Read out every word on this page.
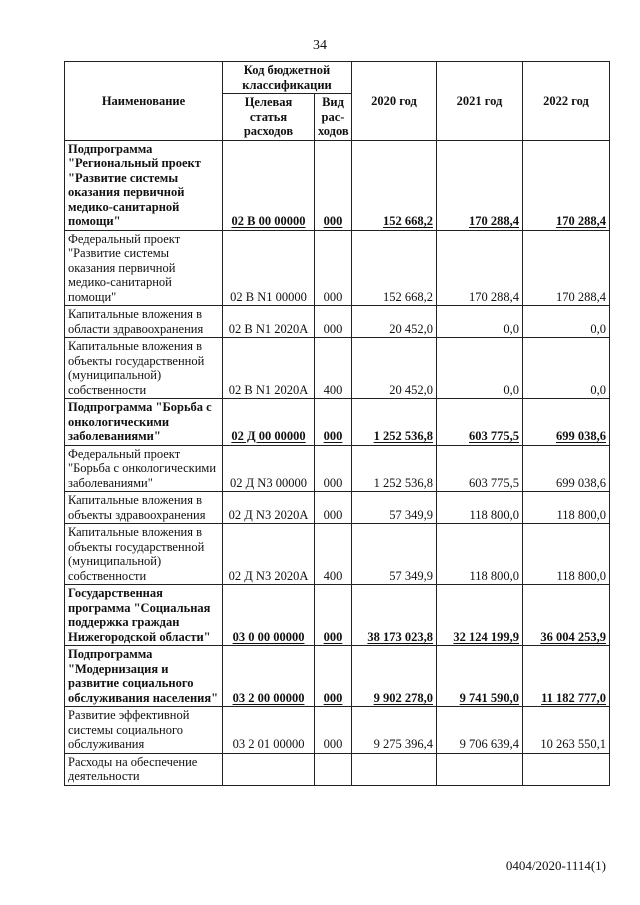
34
Наименование	Код бюджетной классификации		2020 год	2021 год	2022 год
	Целевая статья расходов	Вид рас- ходов			
Подпрограмма "Региональный проект "Развитие системы оказания первичной медико-санитарной помощи"	02 В 00 00000	000	152 668,2	170 288,4	170 288,4
Федеральный проект "Развитие системы оказания первичной медико-санитарной помощи"	02 В N1 00000	000	152 668,2	170 288,4	170 288,4
Капитальные вложения в области здравоохранения	02 В N1 2020А	000	20 452,0	0,0	0,0
Капитальные вложения в объекты государственной (муниципальной) собственности	02 В N1 2020А	400	20 452,0	0,0	0,0
Подпрограмма "Борьба с онкологическими заболеваниями"	02 Д 00 00000	000	1 252 536,8	603 775,5	699 038,6
Федеральный проект "Борьба с онкологическими заболеваниями"	02 Д N3 00000	000	1 252 536,8	603 775,5	699 038,6
Капитальные вложения в объекты здравоохранения	02 Д N3 2020А	000	57 349,9	118 800,0	118 800,0
Капитальные вложения в объекты государственной (муниципальной) собственности	02 Д N3 2020А	400	57 349,9	118 800,0	118 800,0
Государственная программа "Социальная поддержка граждан Нижегородской области"	03 0 00 00000	000	38 173 023,8	32 124 199,9	36 004 253,9
Подпрограмма "Модернизация и развитие социального обслуживания населения"	03 2 00 00000	000	9 902 278,0	9 741 590,0	11 182 777,0
Развитие эффективной системы социального обслуживания	03 2 01 00000	000	9 275 396,4	9 706 639,4	10 263 550,1
Расходы на обеспечение деятельности					
0404/2020-1114(1)
